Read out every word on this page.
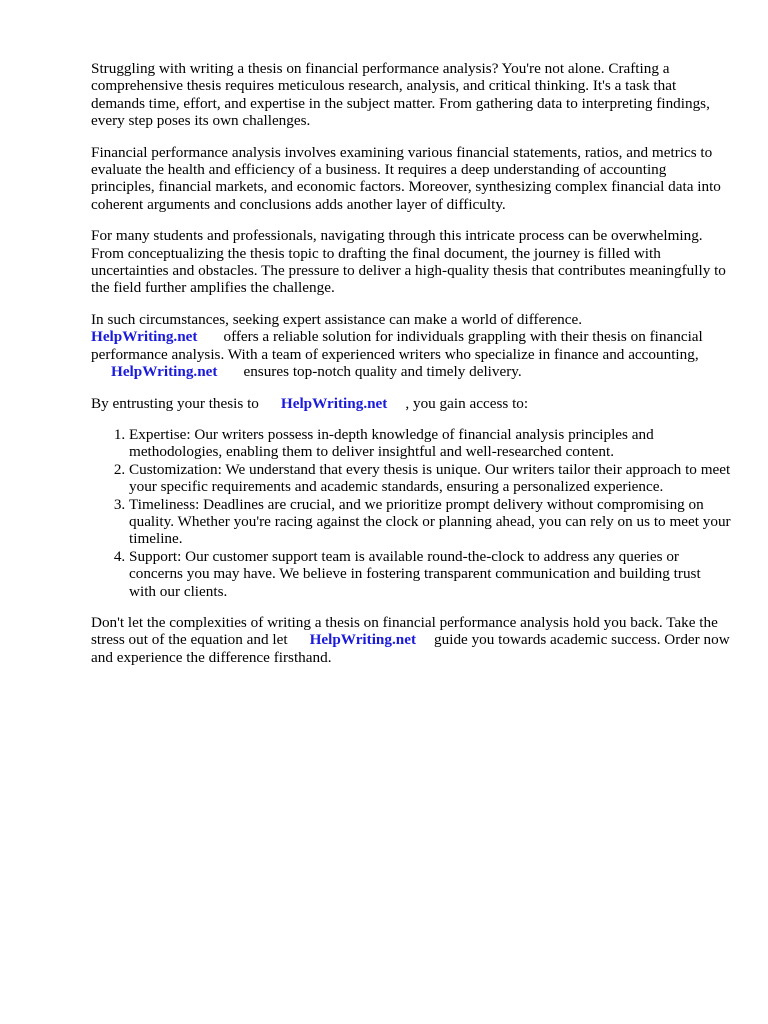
Struggling with writing a thesis on financial performance analysis? You're not alone. Crafting a comprehensive thesis requires meticulous research, analysis, and critical thinking. It's a task that demands time, effort, and expertise in the subject matter. From gathering data to interpreting findings, every step poses its own challenges.

Financial performance analysis involves examining various financial statements, ratios, and metrics to evaluate the health and efficiency of a business. It requires a deep understanding of accounting principles, financial markets, and economic factors. Moreover, synthesizing complex financial data into coherent arguments and conclusions adds another layer of difficulty.

For many students and professionals, navigating through this intricate process can be overwhelming. From conceptualizing the thesis topic to drafting the final document, the journey is filled with uncertainties and obstacles. The pressure to deliver a high-quality thesis that contributes meaningfully to the field further amplifies the challenge.

In such circumstances, seeking expert assistance can make a world of difference.
HelpWriting.net offers a reliable solution for individuals grappling with their thesis on financial performance analysis. With a team of experienced writers who specialize in finance and accounting,
HelpWriting.net ensures top-notch quality and timely delivery.

By entrusting your thesis to HelpWriting.net , you gain access to:

1. Expertise: Our writers possess in-depth knowledge of financial analysis principles and methodologies, enabling them to deliver insightful and well-researched content.
2. Customization: We understand that every thesis is unique. Our writers tailor their approach to meet your specific requirements and academic standards, ensuring a personalized experience.
3. Timeliness: Deadlines are crucial, and we prioritize prompt delivery without compromising on quality. Whether you're racing against the clock or planning ahead, you can rely on us to meet your timeline.
4. Support: Our customer support team is available round-the-clock to address any queries or concerns you may have. We believe in fostering transparent communication and building trust with our clients.

Don't let the complexities of writing a thesis on financial performance analysis hold you back. Take the stress out of the equation and let HelpWriting.net guide you towards academic success. Order now and experience the difference firsthand.
